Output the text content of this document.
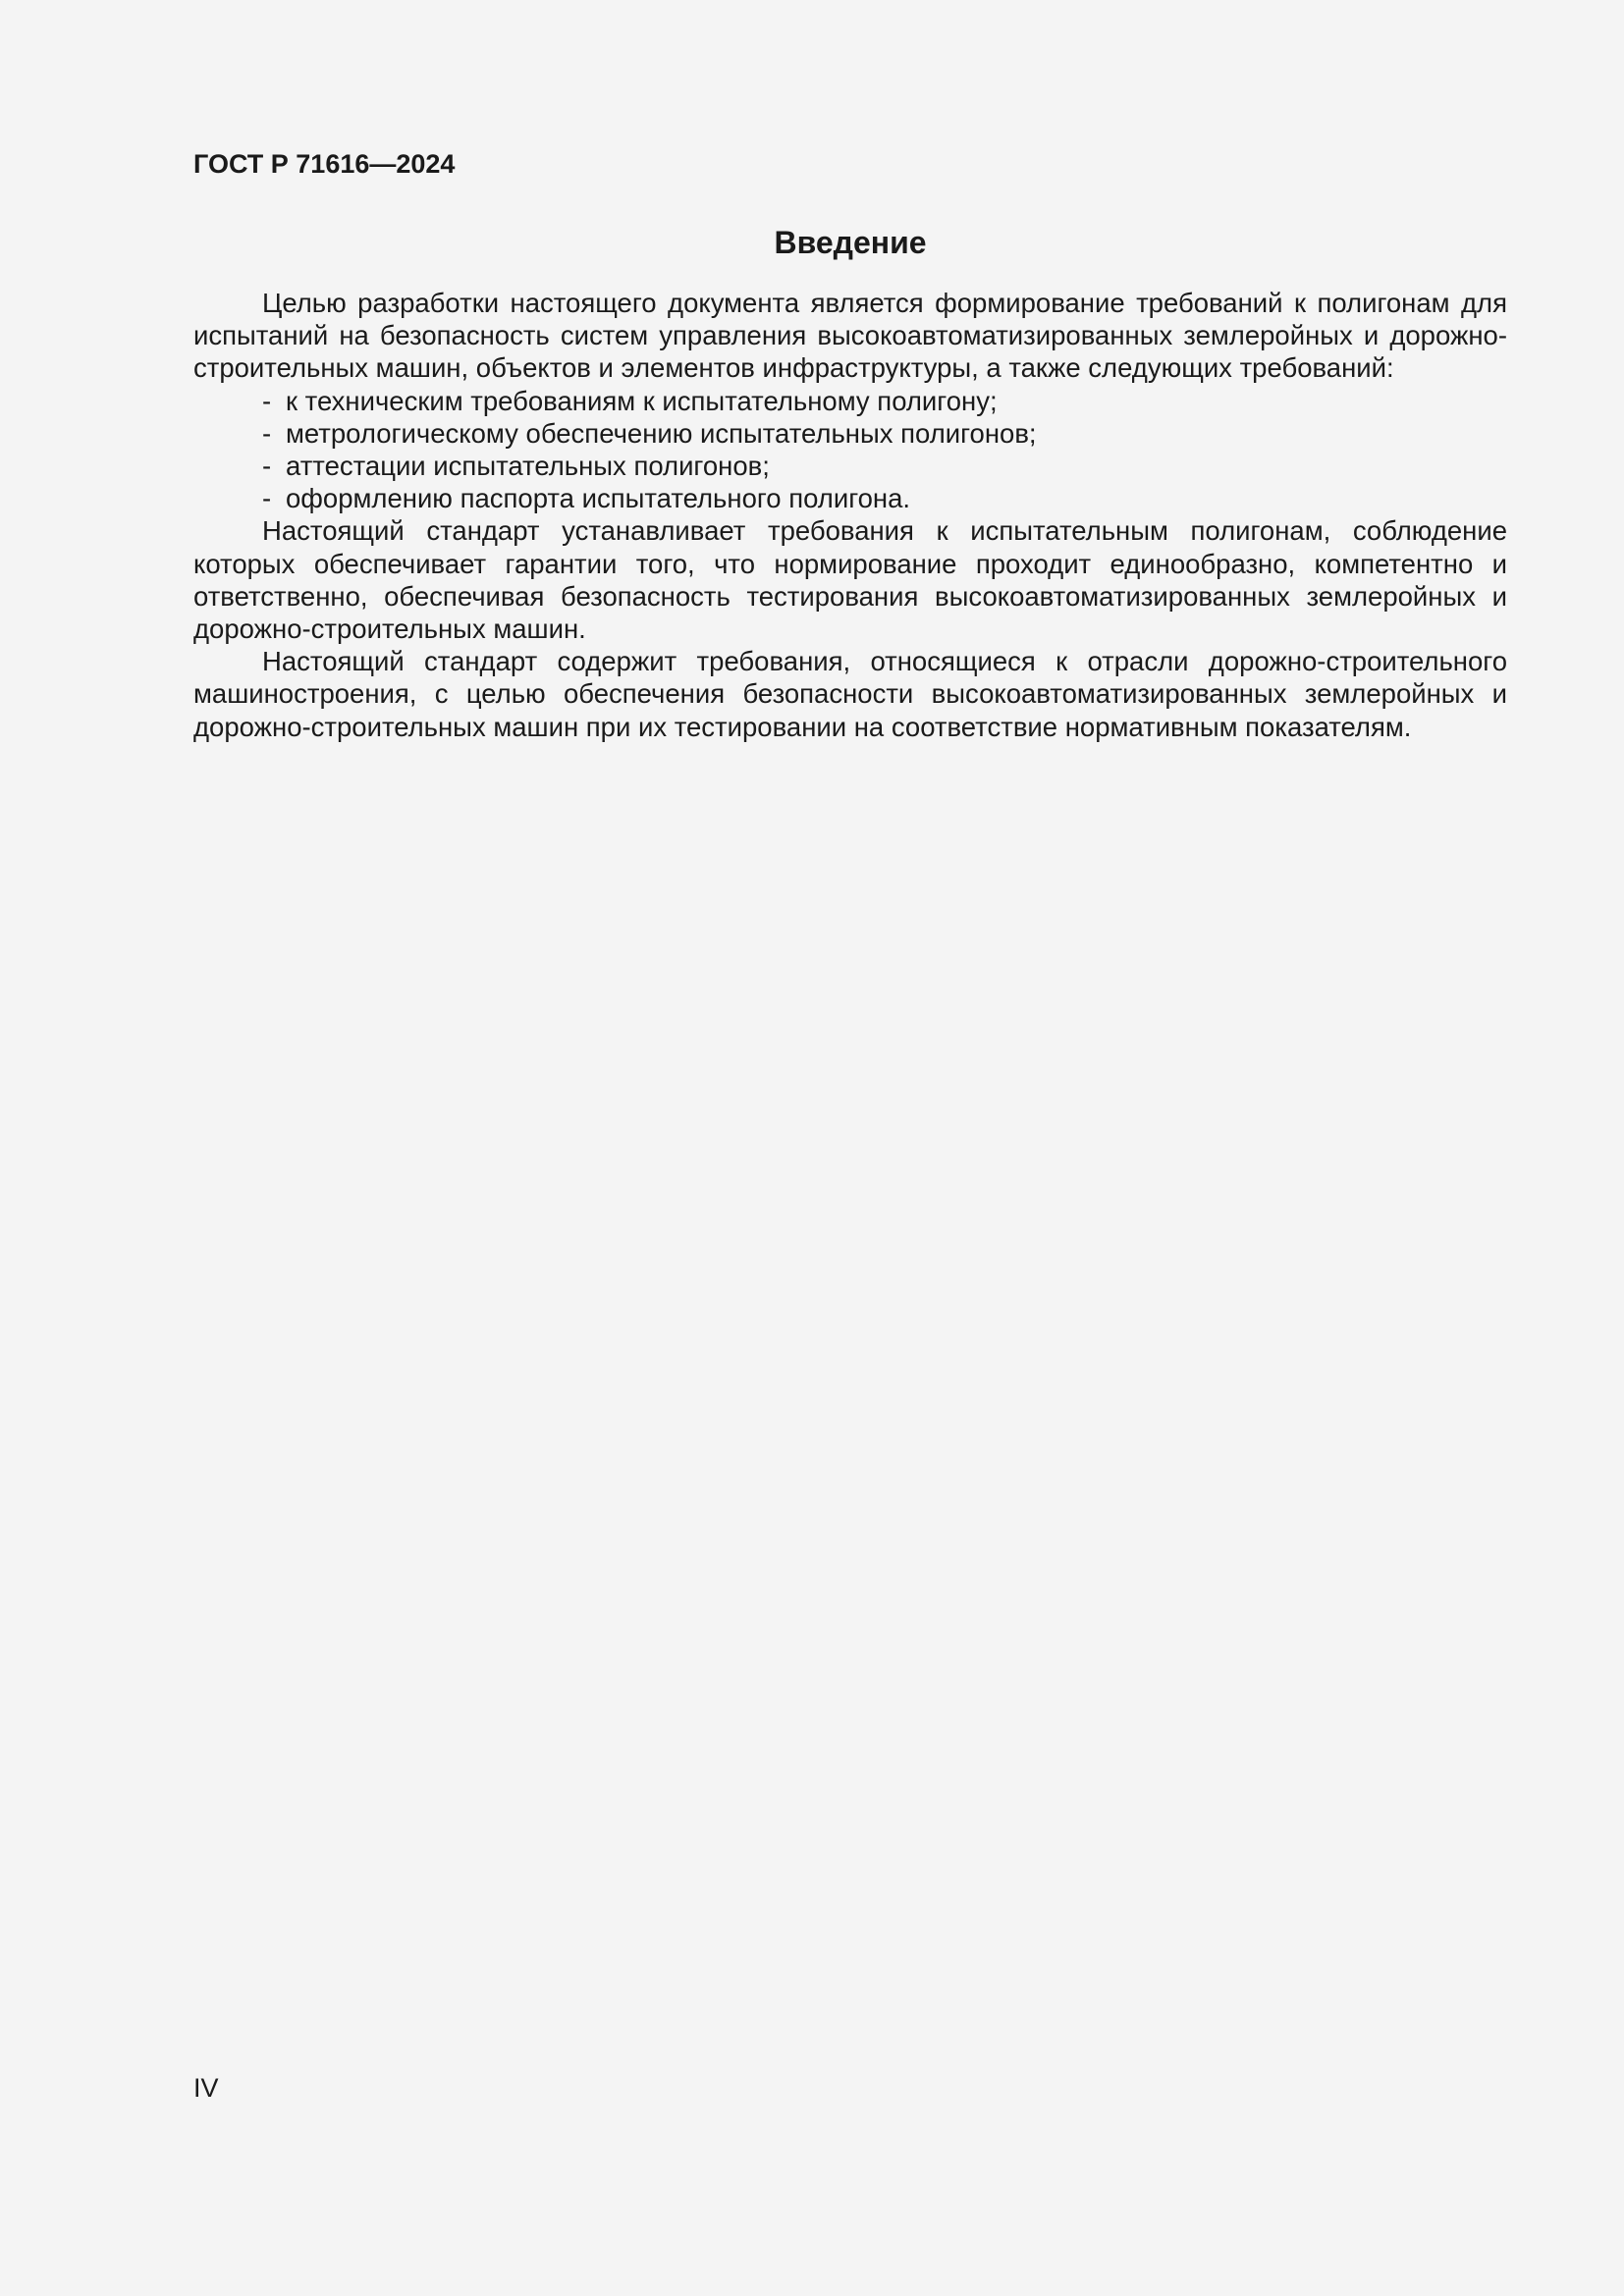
ГОСТ Р 71616—2024
Введение

Целью разработки настоящего документа является формирование требований к полигонам для испытаний на безопасность систем управления высокоавтоматизированных землеройных и дорожно-строительных машин, объектов и элементов инфраструктуры, а также следующих требований:

- к техническим требованиям к испытательному полигону;
- метрологическому обеспечению испытательных полигонов;
- аттестации испытательных полигонов;
- оформлению паспорта испытательного полигона.

Настоящий стандарт устанавливает требования к испытательным полигонам, соблюдение которых обеспечивает гарантии того, что нормирование проходит единообразно, компетентно и ответственно, обеспечивая безопасность тестирования высокоавтоматизированных землеройных и дорожно-строительных машин.

Настоящий стандарт содержит требования, относящиеся к отрасли дорожно-строительного машиностроения, с целью обеспечения безопасности высокоавтоматизированных землеройных и дорожно-строительных машин при их тестировании на соответствие нормативным показателям.

IV
